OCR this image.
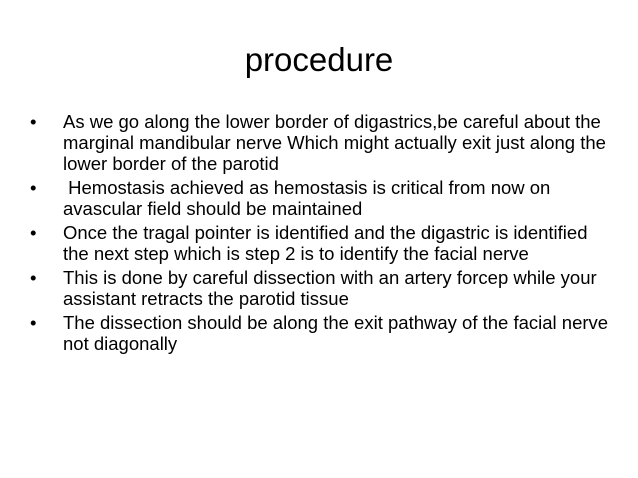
procedure
•	As we go along the lower border of digastrics,be careful about the marginal mandibular nerve Which might actually exit just along the lower border of the parotid
•	Hemostasis achieved as hemostasis is critical from now on  avascular field should be maintained
•	Once the tragal pointer is identified and the digastric is identified the next step which is step 2 is to identify the facial nerve
•	This is done by careful dissection with an artery forcep while your assistant retracts the parotid tissue
•	The dissection should be along the exit pathway of the facial nerve not diagonally
